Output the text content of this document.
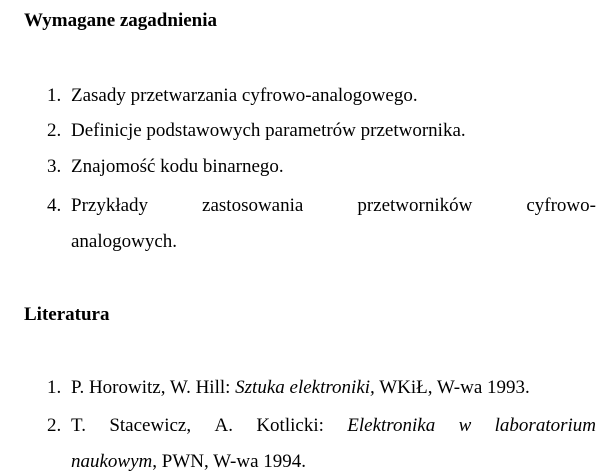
Wymagane zagadnienia
1. Zasady przetwarzania cyfrowo-analogowego.
2. Definicje podstawowych parametrów przetwornika.
3. Znajomość kodu binarnego.
4. Przykłady	zastosowania	przetworników	cyfrowo-
analogowych.
Literatura
1. P. Horowitz, W. Hill: Sztuka elektroniki, WKiŁ, W-wa 1993.
2. T. Stacewicz, A. Kotlicki: Elektronika w laboratorium
naukowym, PWN, W-wa 1994.
